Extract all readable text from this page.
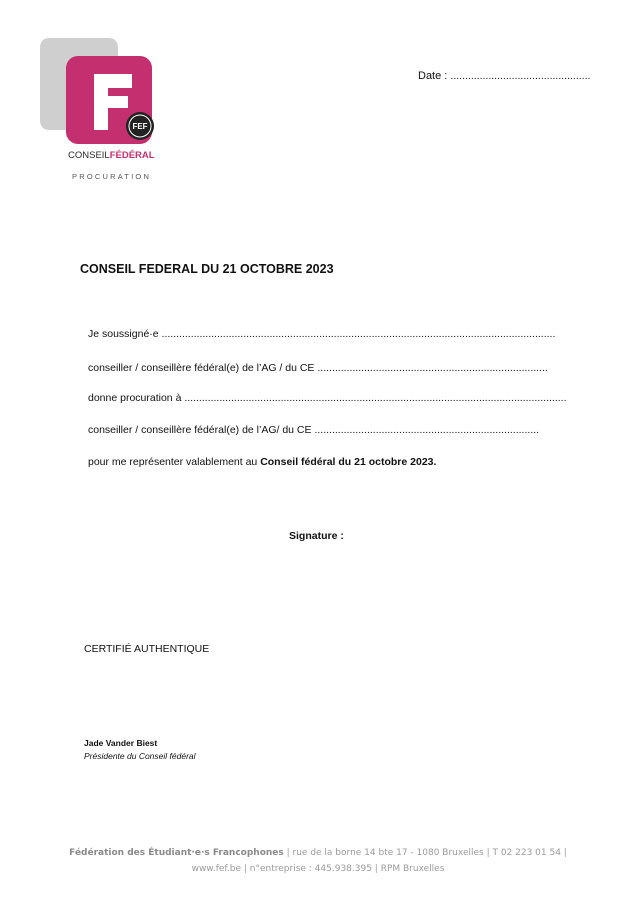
FEF
CONSEILFÉDÉRAL
PROCURATION
Date : ................................................
CONSEIL FEDERAL DU 21 OCTOBRE 2023
Je soussigné·e .......................................................................................................................................
conseiller / conseillère fédéral(e) de l’AG / du CE ...............................................................................
donne procuration à ...................................................................................................................................
conseiller / conseillère fédéral(e) de l’AG/ du CE .............................................................................
pour me représenter valablement au Conseil fédéral du 21 octobre 2023.
Signature :
CERTIFIÉ AUTHENTIQUE
Jade Vander Biest
Présidente du Conseil fédéral
Fédération des Étudiant·e·s Francophones | rue de la borne 14 bte 17 - 1080 Bruxelles | T 02 223 01 54 |
www.fef.be | n°entreprise : 445.938.395 | RPM Bruxelles
